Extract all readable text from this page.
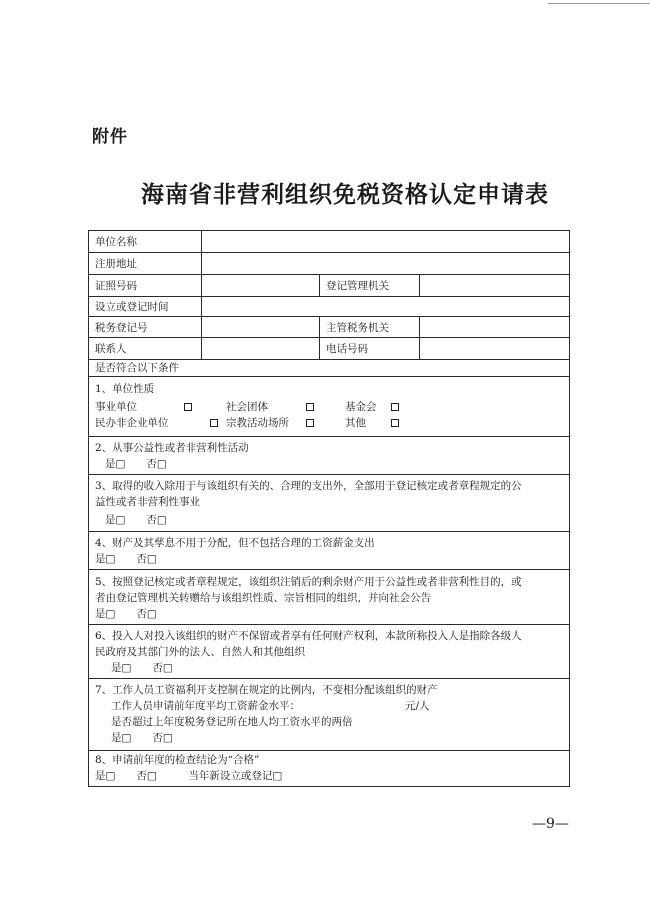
附件
海南省非营利组织免税资格认定申请表
单位名称
注册地址
证照号码	登记管理机关
设立或登记时间
税务登记号	主管税务机关
联系人	电话号码
是否符合以下条件
1、单位性质
事业单位	社会团体	基金会
民办非企业单位	宗教活动场所	其他
2、从事公益性或者非营利性活动
是□　　否□
3、取得的收入除用于与该组织有关的、合理的支出外，全部用于登记核定或者章程规定的公
益性或者非营利性事业
是□　　否□
4、财产及其孳息不用于分配，但不包括合理的工资薪金支出
是□　　否□
5、按照登记核定或者章程规定，该组织注销后的剩余财产用于公益性或者非营利性目的，或
者由登记管理机关转赠给与该组织性质、宗旨相同的组织，并向社会公告
是□　　否□
6、投入人对投入该组织的财产不保留或者享有任何财产权利，本款所称投入人是指除各级人
民政府及其部门外的法人、自然人和其他组织
是□　　否□
7、工作人员工资福利开支控制在规定的比例内，不变相分配该组织的财产
工作人员申请前年度平均工资薪金水平：	元/人
是否超过上年度税务登记所在地人均工资水平的两倍
是□　　否□
8、申请前年度的检查结论为“合格”
是□　　否□　　　当年新设立或登记□
—9—
